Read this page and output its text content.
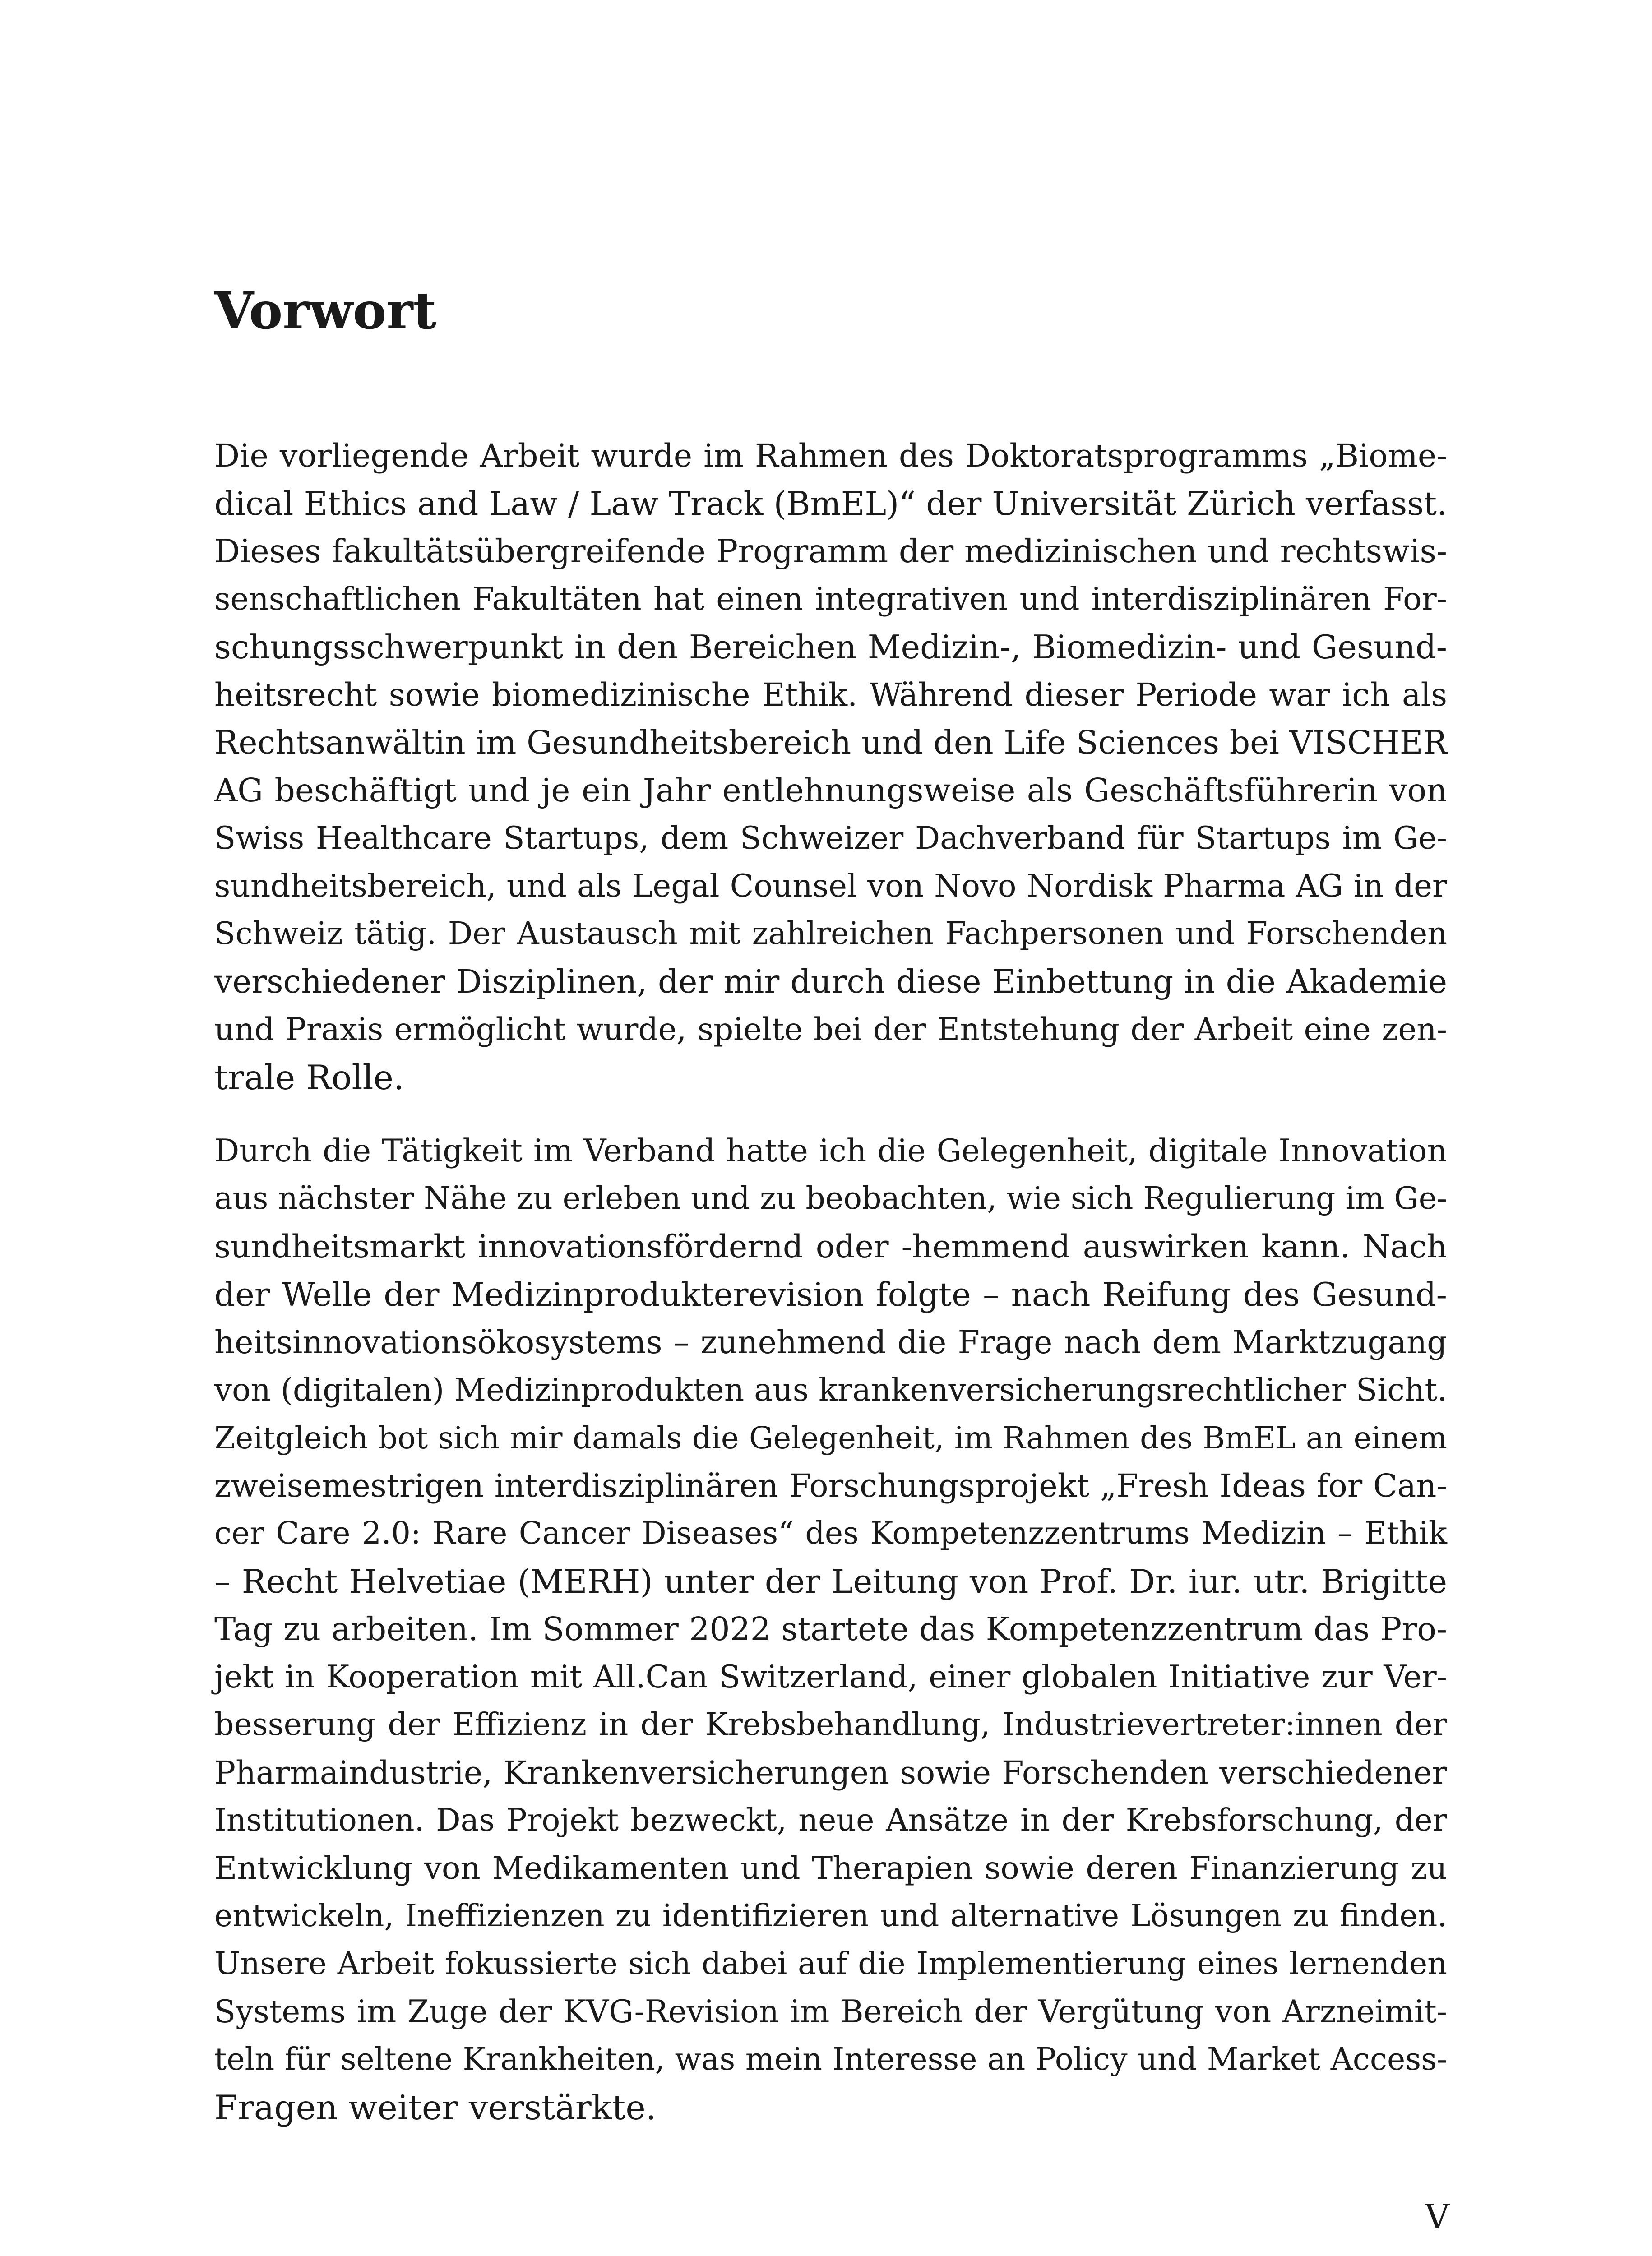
Vorwort
Die vorliegende Arbeit wurde im Rahmen des Doktoratsprogramms „Biome-
dical Ethics and Law / Law Track (BmEL)“ der Universität Zürich verfasst.
Dieses fakultätsübergreifende Programm der medizinischen und rechtswis-
senschaftlichen Fakultäten hat einen integrativen und interdisziplinären For-
schungsschwerpunkt in den Bereichen Medizin-, Biomedizin- und Gesund-
heitsrecht sowie biomedizinische Ethik. Während dieser Periode war ich als
Rechtsanwältin im Gesundheitsbereich und den Life Sciences bei VISCHER
AG beschäftigt und je ein Jahr entlehnungsweise als Geschäftsführerin von
Swiss Healthcare Startups, dem Schweizer Dachverband für Startups im Ge-
sundheitsbereich, und als Legal Counsel von Novo Nordisk Pharma AG in der
Schweiz tätig. Der Austausch mit zahlreichen Fachpersonen und Forschenden
verschiedener Disziplinen, der mir durch diese Einbettung in die Akademie
und Praxis ermöglicht wurde, spielte bei der Entstehung der Arbeit eine zen-
trale Rolle.
Durch die Tätigkeit im Verband hatte ich die Gelegenheit, digitale Innovation
aus nächster Nähe zu erleben und zu beobachten, wie sich Regulierung im Ge-
sundheitsmarkt innovationsfördernd oder -hemmend auswirken kann. Nach
der Welle der Medizinprodukterevision folgte – nach Reifung des Gesund-
heitsinnovationsökosystems – zunehmend die Frage nach dem Marktzugang
von (digitalen) Medizinprodukten aus krankenversicherungsrechtlicher Sicht.
Zeitgleich bot sich mir damals die Gelegenheit, im Rahmen des BmEL an einem
zweisemestrigen interdisziplinären Forschungsprojekt „Fresh Ideas for Can-
cer Care 2.0: Rare Cancer Diseases“ des Kompetenzzentrums Medizin – Ethik
– Recht Helvetiae (MERH) unter der Leitung von Prof. Dr. iur. utr. Brigitte
Tag zu arbeiten. Im Sommer 2022 startete das Kompetenzzentrum das Pro-
jekt in Kooperation mit All.Can Switzerland, einer globalen Initiative zur Ver-
besserung der Effizienz in der Krebsbehandlung, Industrievertreter:innen der
Pharmaindustrie, Krankenversicherungen sowie Forschenden verschiedener
Institutionen. Das Projekt bezweckt, neue Ansätze in der Krebsforschung, der
Entwicklung von Medikamenten und Therapien sowie deren Finanzierung zu
entwickeln, Ineffizienzen zu identifizieren und alternative Lösungen zu finden.
Unsere Arbeit fokussierte sich dabei auf die Implementierung eines lernenden
Systems im Zuge der KVG-Revision im Bereich der Vergütung von Arzneimit-
teln für seltene Krankheiten, was mein Interesse an Policy und Market Access-
Fragen weiter verstärkte.
V
